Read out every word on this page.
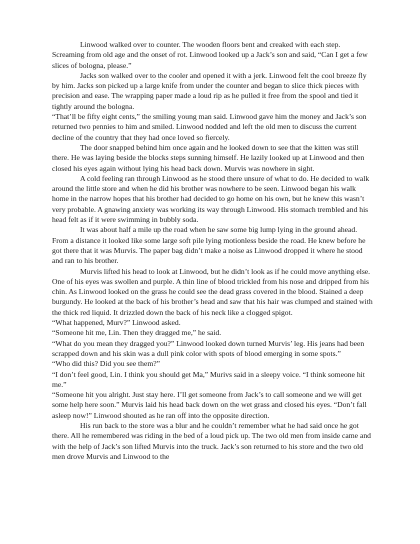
Linwood walked over to counter. The wooden floors bent and creaked with each step. Screaming from old age and the onset of rot. Linwood looked up a Jack’s son and said, “Can I get a few slices of bologna, please.”

Jacks son walked over to the cooler and opened it with a jerk. Linwood felt the cool breeze fly by him. Jacks son picked up a large knife from under the counter and began to slice thick pieces with precision and ease. The wrapping paper made a loud rip as he pulled it free from the spool and tied it tightly around the bologna.

“That’ll be fifty eight cents,” the smiling young man said. Linwood gave him the money and Jack’s son returned two pennies to him and smiled. Linwood nodded and left the old men to discuss the current decline of the country that they had once loved so fiercely.

The door snapped behind him once again and he looked down to see that the kitten was still there. He was laying beside the blocks steps sunning himself. He lazily looked up at Linwood and then closed his eyes again without lying his head back down. Murvis was nowhere in sight.

A cold feeling ran through Linwood as he stood there unsure of what to do. He decided to walk around the little store and when he did his brother was nowhere to be seen. Linwood began his walk home in the narrow hopes that his brother had decided to go home on his own, but he knew this wasn’t very probable. A gnawing anxiety was working its way through Linwood. His stomach trembled and his head felt as if it were swimming in bubbly soda.

It was about half a mile up the road when he saw some big lump lying in the ground ahead. From a distance it looked like some large soft pile lying motionless beside the road. He knew before he got there that it was Murvis. The paper bag didn’t make a noise as Linwood dropped it where he stood and ran to his brother.

Murvis lifted his head to look at Linwood, but he didn’t look as if he could move anything else. One of his eyes was swollen and purple. A thin line of blood trickled from his nose and dripped from his chin. As Linwood looked on the grass he could see the dead grass covered in the blood. Stained a deep burgundy. He looked at the back of his brother’s head and saw that his hair was clumped and stained with the thick red liquid. It drizzled down the back of his neck like a clogged spigot.

“What happened, Murv?” Linwood asked.

“Someone hit me, Lin. Then they dragged me,” he said.

“What do you mean they dragged you?” Linwood looked down turned Murvis’ leg. His jeans had been scrapped down and his skin was a dull pink color with spots of blood emerging in some spots.”

“Who did this? Did you see them?”

“I don’t feel good, Lin. I think you should get Ma,” Murivs said in a sleepy voice. “I think someone hit me.”

“Someone hit you alright. Just stay here. I’ll get someone from Jack’s to call someone and we will get some help here soon.” Murvis laid his head back down on the wet grass and closed his eyes. “Don’t fall asleep now!” Linwood shouted as he ran off into the opposite direction.

His run back to the store was a blur and he couldn’t remember what he had said once he got there. All he remembered was riding in the bed of a loud pick up. The two old men from inside came and with the help of Jack’s son lifted Murvis into the truck. Jack’s son returned to his store and the two old men drove Murvis and Linwood to the
